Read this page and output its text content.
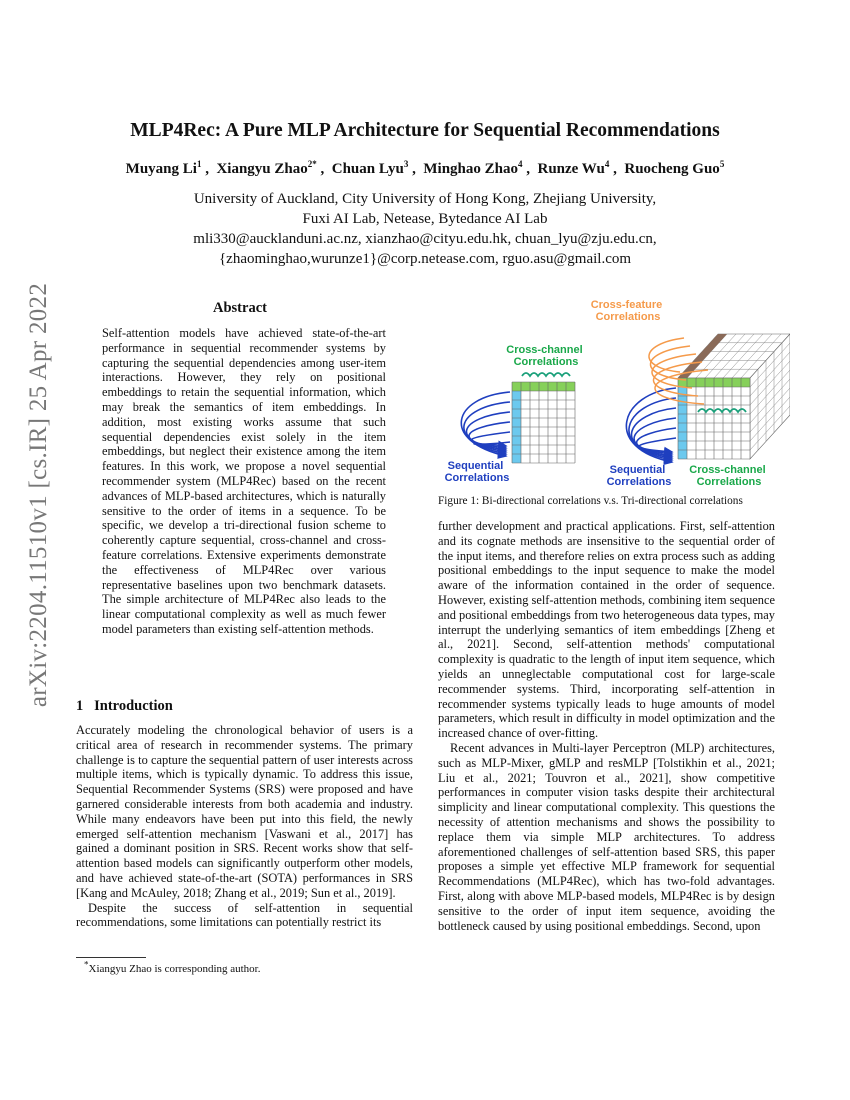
arXiv:2204.11510v1 [cs.IR] 25 Apr 2022
MLP4Rec: A Pure MLP Architecture for Sequential Recommendations
Muyang Li$^1$ ,  Xiangyu Zhao$^{2*}$ ,  Chuan Lyu$^3$ ,  Minghao Zhao$^4$ ,  Runze Wu$^4$ ,  Ruocheng Guo$^5$
University of Auckland, City University of Hong Kong, Zhejiang University,
Fuxi AI Lab, Netease, Bytedance AI Lab
mli330@aucklanduni.ac.nz, xianzhao@cityu.edu.hk, chuan_lyu@zju.edu.cn,
{zhaominghao,wurunze1}@corp.netease.com, rguo.asu@gmail.com
Abstract
Self-attention models have achieved state-of-the-art performance in sequential recommender systems by capturing the sequential dependencies among user-item interactions. However, they rely on positional embeddings to retain the sequential information, which may break the semantics of item embeddings. In addition, most existing works assume that such sequential dependencies exist solely in the item embeddings, but neglect their existence among the item features. In this work, we propose a novel sequential recommender system (MLP4Rec) based on the recent advances of MLP-based architectures, which is naturally sensitive to the order of items in a sequence. To be specific, we develop a tri-directional fusion scheme to coherently capture sequential, cross-channel and cross-feature correlations. Extensive experiments demonstrate the effectiveness of MLP4Rec over various representative baselines upon two benchmark datasets. The simple architecture of MLP4Rec also leads to the linear computational complexity as well as much fewer model parameters than existing self-attention methods.
1 Introduction

Accurately modeling the chronological behavior of users is a critical area of research in recommender systems. The primary challenge is to capture the sequential pattern of user interests across multiple items, which is typically dynamic. To address this issue, Sequential Recommender Systems (SRS) were proposed and have garnered considerable interests from both academia and industry. While many endeavors have been put into this field, the newly emerged self-attention mechanism [Vaswani et al., 2017] has gained a dominant position in SRS. Recent works show that self-attention based models can significantly outperform other models, and have achieved state-of-the-art (SOTA) performances in SRS [Kang and McAuley, 2018; Zhang et al., 2019; Sun et al., 2019].

Despite the success of self-attention in sequential recommendations, some limitations can potentially restrict its

*Xiangyu Zhao is corresponding author.
Cross-channel Correlations
Sequential Correlations
Cross-feature Correlations
Sequential Correlations
Cross-channel Correlations
Figure 1: Bi-directional correlations v.s. Tri-directional correlations

further development and practical applications. First, self-attention and its cognate methods are insensitive to the sequential order of the input items, and therefore relies on extra process such as adding positional embeddings to the input sequence to make the model aware of the information contained in the order of sequence. However, existing self-attention methods, combining item sequence and positional embeddings from two heterogeneous data types, may interrupt the underlying semantics of item embeddings [Zheng et al., 2021]. Second, self-attention methods' computational complexity is quadratic to the length of input item sequence, which yields an unneglectable computational cost for large-scale recommender systems. Third, incorporating self-attention in recommender systems typically leads to huge amounts of model parameters, which result in difficulty in model optimization and the increased chance of over-fitting.

Recent advances in Multi-layer Perceptron (MLP) architectures, such as MLP-Mixer, gMLP and resMLP [Tolstikhin et al., 2021; Liu et al., 2021; Touvron et al., 2021], show competitive performances in computer vision tasks despite their architectural simplicity and linear computational complexity. This questions the necessity of attention mechanisms and shows the possibility to replace them via simple MLP architectures. To address aforementioned challenges of self-attention based SRS, this paper proposes a simple yet effective MLP framework for sequential Recommendations (MLP4Rec), which has two-fold advantages. First, along with above MLP-based models, MLP4Rec is by design sensitive to the order of input item sequence, avoiding the bottleneck caused by using positional embeddings. Second, upon
